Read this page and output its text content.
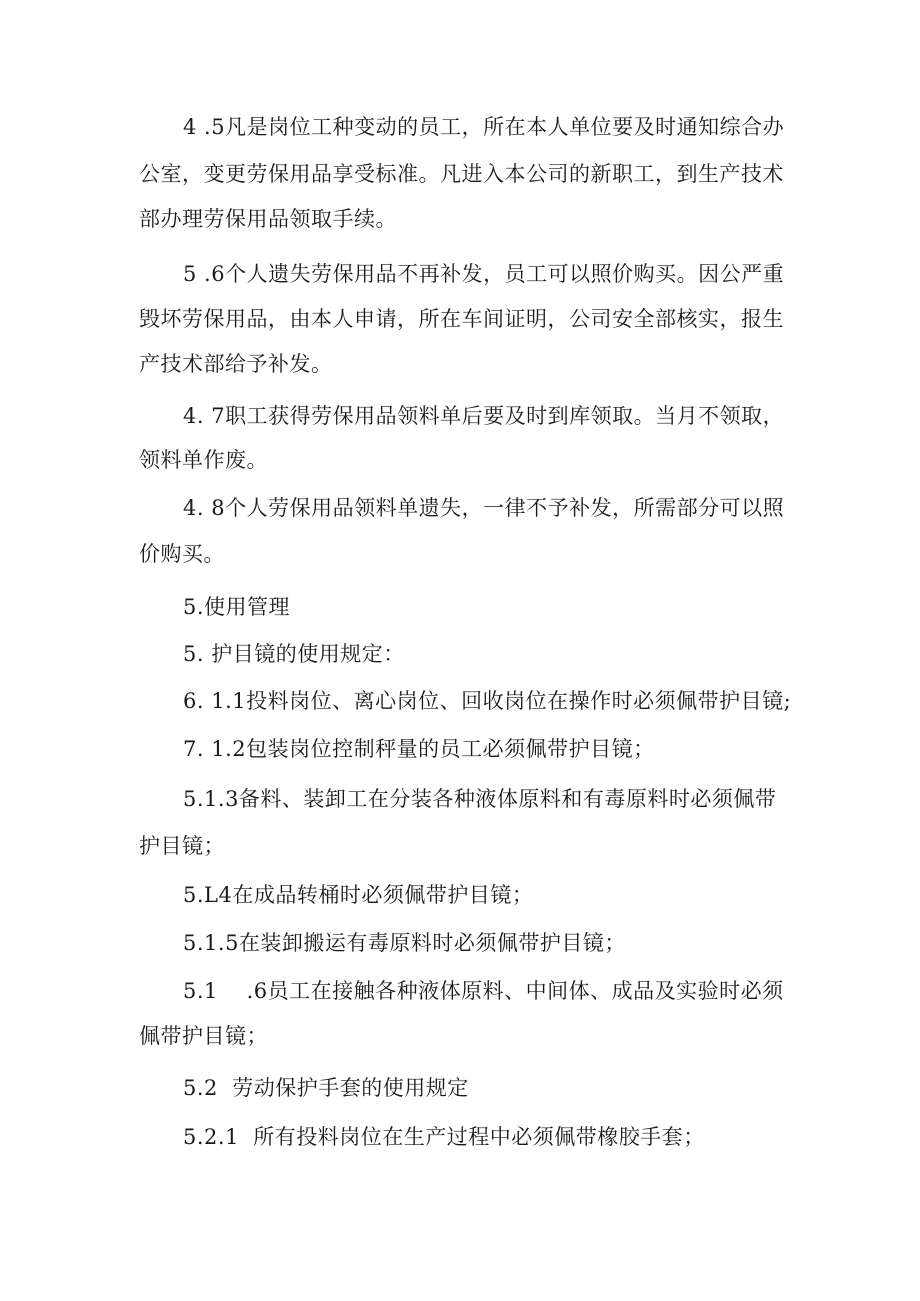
4 .5凡是岗位工种变动的员工，所在本人单位要及时通知综合办
公室，变更劳保用品享受标准。凡进入本公司的新职工，到生产技术
部办理劳保用品领取手续。
5 .6个人遗失劳保用品不再补发，员工可以照价购买。因公严重
毁坏劳保用品，由本人申请，所在车间证明，公司安全部核实，报生
产技术部给予补发。
4. 7职工获得劳保用品领料单后要及时到库领取。当月不领取，
领料单作废。
4. 8个人劳保用品领料单遗失，一律不予补发，所需部分可以照
价购买。
5.使用管理
5. 护目镜的使用规定：
6. 1.1投料岗位、离心岗位、回收岗位在操作时必须佩带护目镜;
7. 1.2包装岗位控制秤量的员工必须佩带护目镜；
5.1.3备料、装卸工在分装各种液体原料和有毒原料时必须佩带
护目镜；
5.L4在成品转桶时必须佩带护目镜；
5.1.5在装卸搬运有毒原料时必须佩带护目镜；
5.1    .6员工在接触各种液体原料、中间体、成品及实验时必须
佩带护目镜；
5.2  劳动保护手套的使用规定
5.2.1  所有投料岗位在生产过程中必须佩带橡胶手套；
